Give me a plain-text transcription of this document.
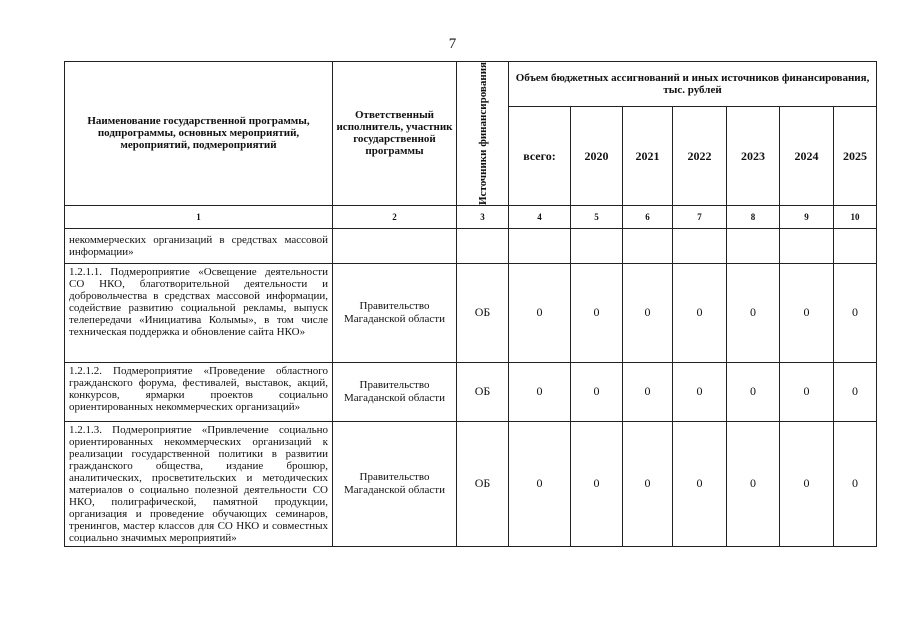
7
Наименование государственной программы, подпрограммы, основных мероприятий, мероприятий, подмероприятий	Ответственный исполнитель, участник государственной программы	Источники финансирования	Объем бюджетных ассигнований и иных источников финансирования, тыс. рублей						
			всего:	2020	2021	2022	2023	2024	2025
1	2	3	4	5	6	7	8	9	10
некоммерческих организаций в средствах массовой информации»									
1.2.1.1. Подмероприятие «Освещение деятельности СО НКО, благотворительной деятельности и добровольчества в средствах массовой информации, содействие развитию социальной рекламы, выпуск телепередачи «Инициатива Колымы», в том числе техническая поддержка и обновление сайта НКО»	Правительство Магаданской области	ОБ	0	0	0	0	0	0	0
1.2.1.2. Подмероприятие «Проведение областного гражданского форума, фестивалей, выставок, акций, конкурсов, ярмарки проектов социально ориентированных некоммерческих организаций»	Правительство Магаданской области	ОБ	0	0	0	0	0	0	0
1.2.1.3. Подмероприятие «Привлечение социально ориентированных некоммерческих организаций к реализации государственной политики в развитии гражданского общества, издание брошюр, аналитических, просветительских и методических материалов о социально полезной деятельности СО НКО, полиграфической, памятной продукции, организация и проведение обучающих семинаров, тренингов, мастер классов для СО НКО и совместных социально значимых мероприятий»	Правительство Магаданской области	ОБ	0	0	0	0	0	0	0
